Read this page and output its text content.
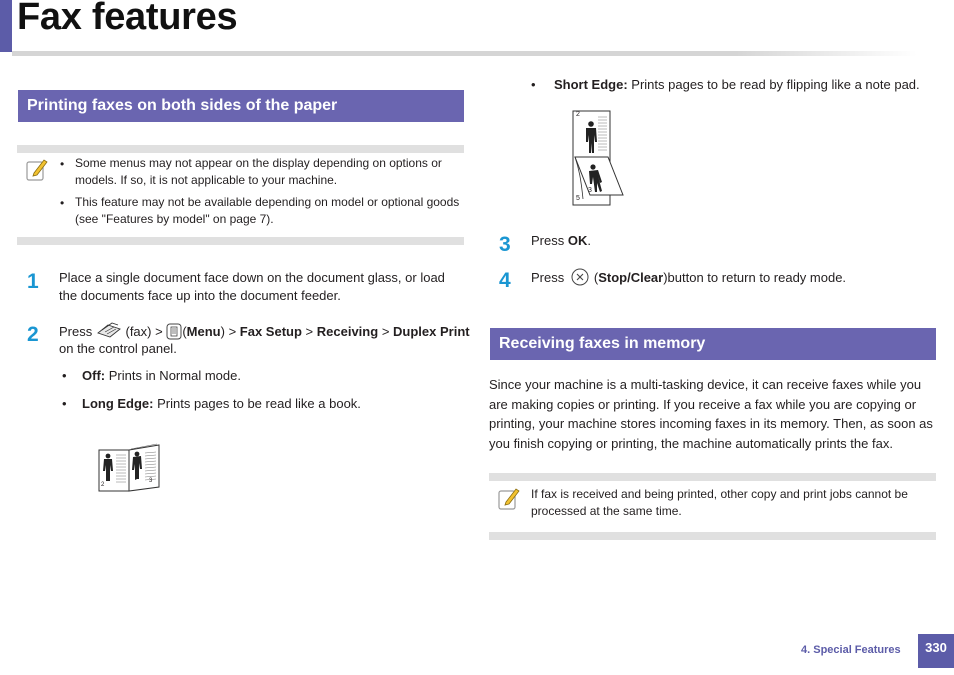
Fax features
Printing faxes on both sides of the paper
• Some menus may not appear on the display depending on options or models. If so, it is not applicable to your machine.
• This feature may not be available depending on model or optional goods (see "Features by model" on page 7).
1 Place a single document face down on the document glass, or load the documents face up into the document feeder.
2 Press	(fax) > (Menu) > Fax Setup > Receiving > Duplex Print
on the control panel.
• Off: Prints in Normal mode.
• Long Edge: Prints pages to be read like a book.
2
3
• Short Edge: Prints pages to be read by flipping like a note pad.
2
3
5
3 Press OK.
4 Press (Stop/Clear)button to return to ready mode.
Receiving faxes in memory
Since your machine is a multi-tasking device, it can receive faxes while you are making copies or printing. If you receive a fax while you are copying or printing, your machine stores incoming faxes in its memory. Then, as soon as you finish copying or printing, the machine automatically prints the fax.
If fax is received and being printed, other copy and print jobs cannot be processed at the same time.
4. Special Features	330
